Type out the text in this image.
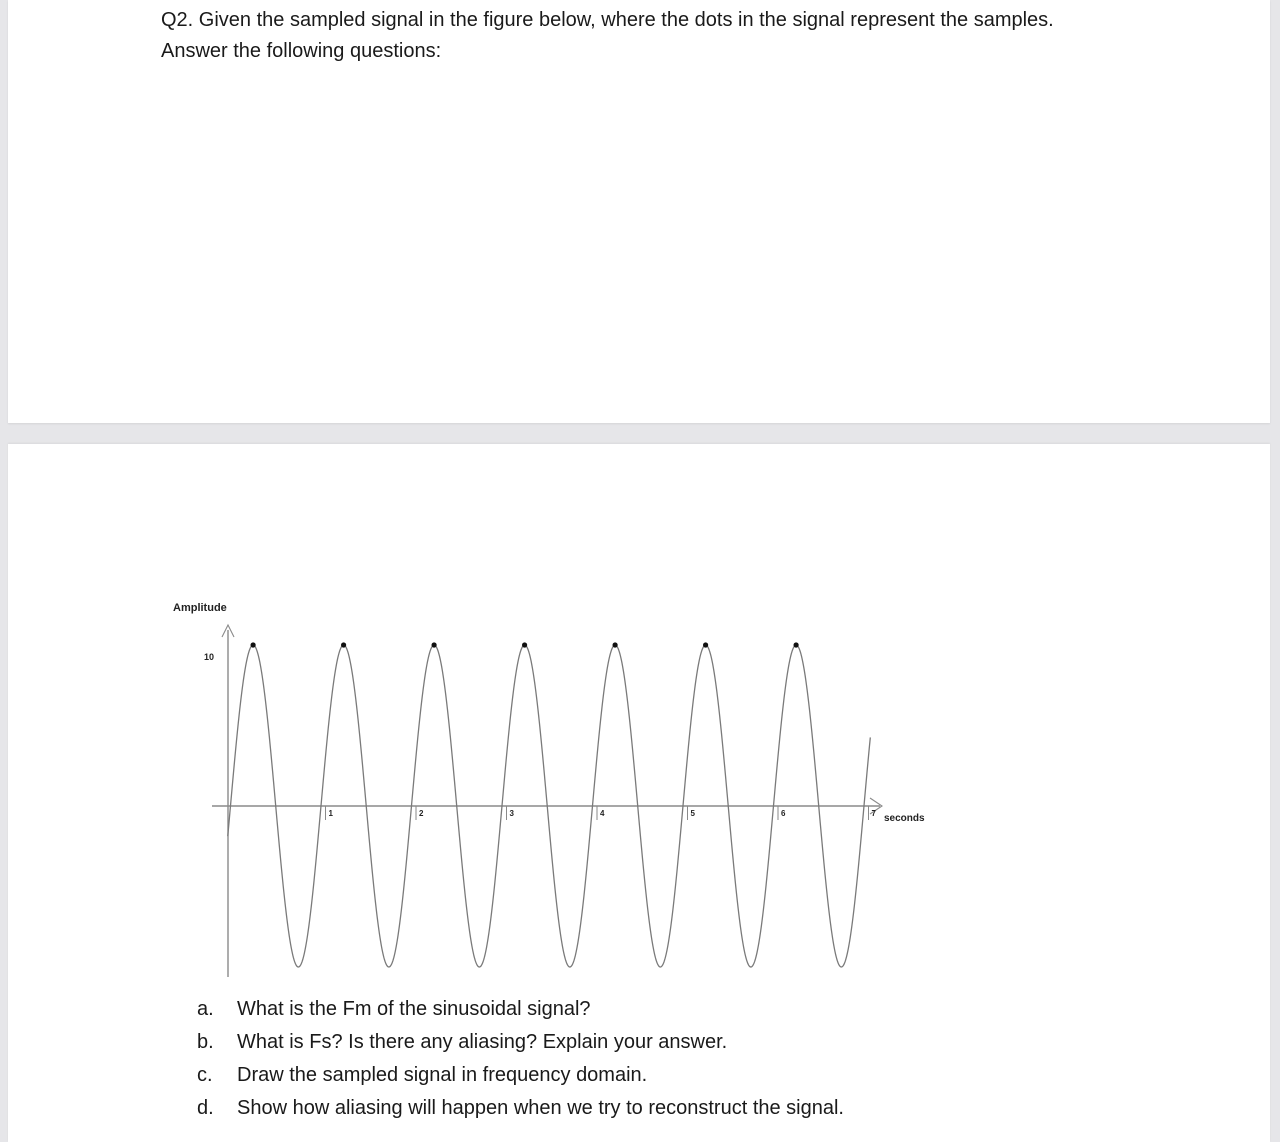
Q2. Given the sampled signal in the figure below, where the dots in the signal represent the samples.
Answer the following questions:

Amplitude
10
seconds
1	2	3	4	5	6	7
a. What is the Fm of the sinusoidal signal?
b. What is Fs? Is there any aliasing? Explain your answer.
c. Draw the sampled signal in frequency domain.
d. Show how aliasing will happen when we try to reconstruct the signal.
